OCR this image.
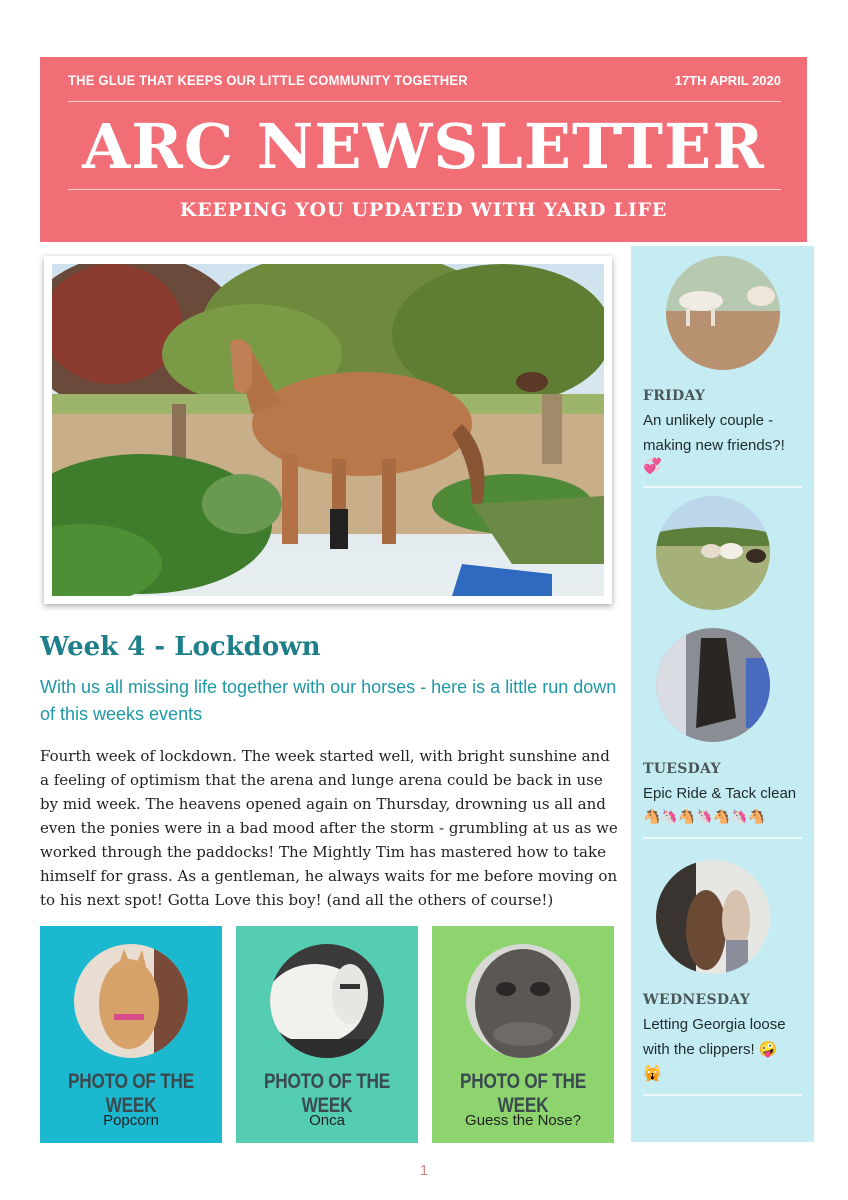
THE GLUE THAT KEEPS OUR LITTLE COMMUNITY TOGETHER	17TH APRIL 2020
ARC NEWSLETTER
KEEPING YOU UPDATED WITH YARD LIFE
Week 4 - Lockdown
With us all missing life together with our horses - here is a little run down of this weeks events
Fourth week of lockdown. The week started well, with bright sunshine and a feeling of optimism that the arena and lunge arena could be back in use by mid week. The heavens opened again on Thursday, drowning us all and even the ponies were in a bad mood after the storm - grumbling at us as we worked through the paddocks! The Mightly Tim has mastered how to take himself for grass. As a gentleman, he always waits for me before moving on to his next spot! Gotta Love this boy! (and all the others of course!)
PHOTO OF THE WEEK
Popcorn
PHOTO OF THE WEEK
Onca
PHOTO OF THE WEEK
Guess the Nose?
FRIDAY
An unlikely couple - making new friends?!
💞
TUESDAY
Epic Ride & Tack clean
🐴🦄🐴🦄🐴🦄🐴
WEDNESDAY
Letting Georgia loose with the clippers! 🤪
🙀
1
